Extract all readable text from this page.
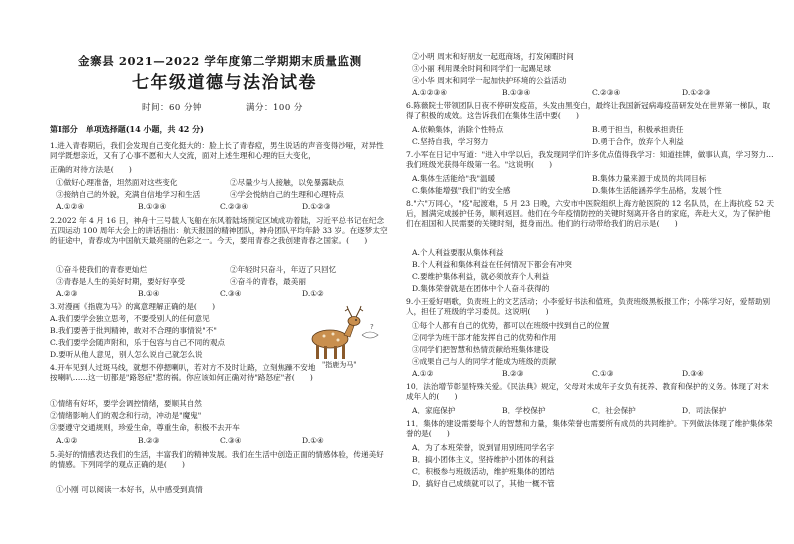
金寨县 2021—2022 学年度第二学期期末质量监测
七年级道德与法治试卷
时间：60 分钟	满分：100 分
第Ⅰ部分　单项选择题(14 小题，共 42 分)
1.进入青春期后，我们会发现自己变化挺大的：脸上长了青春痘，男生说话的声音变得沙哑，对异性同学既想亲近，又有了心事不愿和大人交流，面对上述生理和心理的巨大变化，
正确的对待方法是(　　)
①做好心理准备，坦然面对这些变化	②尽量少与人接触，以免暴露缺点
③接纳自己的外貌，充满自信地学习和生活	④学会悦纳自己的生理和心理特点
A.①②④	B.①③④	C.②③④	D.①②③
2.2022 年 4 月 16 日，神舟十三号载人飞船在东风着陆场预定区域成功着陆，习近平总书记在纪念五四运动 100 周年大会上的讲话指出：航天报国的精神团队，神舟团队平均年龄 33 岁。在逐梦太空的征途中，青春成为中国航天最亮丽的色彩之一。今天，要用青春之我创建青春之国家。(　　)
①奋斗使我们的青春更灿烂	②年轻时只奋斗，年迈了只回忆
③青春是人生的美好时期，要好好享受	④奋斗的青春，最美丽
A.②③	B.①④	C.③④	D.①②
3.对漫画《指鹿为马》的寓意理解正确的是(　　)
A.我们要学会独立思考，不要受别人的任何意见
B.我们要善于批判精神，敢对不合理的事情说"不"
C.我们要学会随声附和，乐于包容与自己不同的观点
D.要听从他人意见，别人怎么说自己就怎么说
?
"指鹿为马"
4.开车见到人过斑马线，就想不停摁喇叭，若对方不及时让路，立刻焦躁不安地按喇叭……这一切都是"路怒症"惹的祸。你应该如何正确对待"路怒症"者(　　)
①情绪有好坏，要学会调控情绪，要顺其自然
②情绪影响人们的观念和行动，冲动是"魔鬼"
③要遵守交通规则，珍爱生命，尊重生命，积极不去开车
A.①②	B.②③	C.③④	D.①④
5.美好的情感表达我们的生活，丰富我们的精神发展。我们在生活中创造正面的情感体验，传递美好的情感。下列同学的观点正确的是(　　)
①小刚 可以阅读一本好书，从中感受到真情
②小明 周末和好朋友一起逛商场，打发闲暇时间
③小丽 利用课余时间和同学们一起踢足球
④小华 周末和同学一起加快护环境的公益活动
A.①②③④	B.①③④	C.②③④	D.①②③
6.陈薇院士带领团队日夜不停研发疫苗，头发由黑变白，最终让我国新冠病毒疫苗研发处在世界第一梯队，取得了积极的成效。这告诉我们在集体生活中要(　　)
A.依赖集体，消除个性特点	B.勇于担当，积极承担责任
C.坚持自我，学习努力	D.勇于合作，放弃个人利益
7.小军在日记中写道："进入中学以后，我发现同学们许多优点值得我学习：知道挂牌，做事认真，学习努力…我们班级光获得年级第一名。"这说明(　　)
A.集体生活能给"我"温暖	B.集体力量来源于成员的共同目标
C.集体能增强"我们"的安全感	D.集体生活能涵养学生品格，发展个性
8."六"万同心，"疫"起渡难，5 月 23 日晚，六安市中医院组织上海方舱医院的 12 名队员，在上海抗疫 52 天后，圆满完成援护任务，顺利返回。他们在今年疫情防控的关键时刻离开各自的家庭，奔赴大义，为了保护他们在祖国和人民需要的关键时刻，挺身而出。他们的行动带给我们的启示是(　　)
A.个人利益要服从集体利益
B.个人利益和集体利益在任何情况下都会有冲突
C.要维护集体利益，就必须放弃个人利益
D.集体荣誉就是在团体中个人奋斗获得的
9.小王爱好唱歌，负责班上的文艺活动；小李爱好书法和值班，负责班级黑板报工作；小陈学习好，爱帮助别人，担任了班级的学习委员。这说明(　　)
①每个人都有自己的优势，都可以在班级中找到自己的位置
②同学为班干部才能发挥自己的优势和作用
③同学们把智慧和热情贡献给班集体建设
④成果自己与人的同学才能成为班级的贡献
A.①②	B.②③	C.①③	D.③④
10．法治增节彰显特殊关爱。《民法典》规定，父母对未成年子女负有抚养、教育和保护的义务。体现了对未成年人的(　　)
A．家庭保护	B．学校保护	C．社会保护	D．司法保护
11．集体的建设需要每个人的智慧和力量，集体荣誉也需要所有成员的共同维护。下列做法体现了维护集体荣誉的是(　　)
A．为了本班荣誉，说到冒用别班同学名字
B．搞小团体主义，坚持维护小团体的利益
C．积极参与班级活动，维护班集体的团结
D．搞好自己成绩就可以了，其他一概不管
